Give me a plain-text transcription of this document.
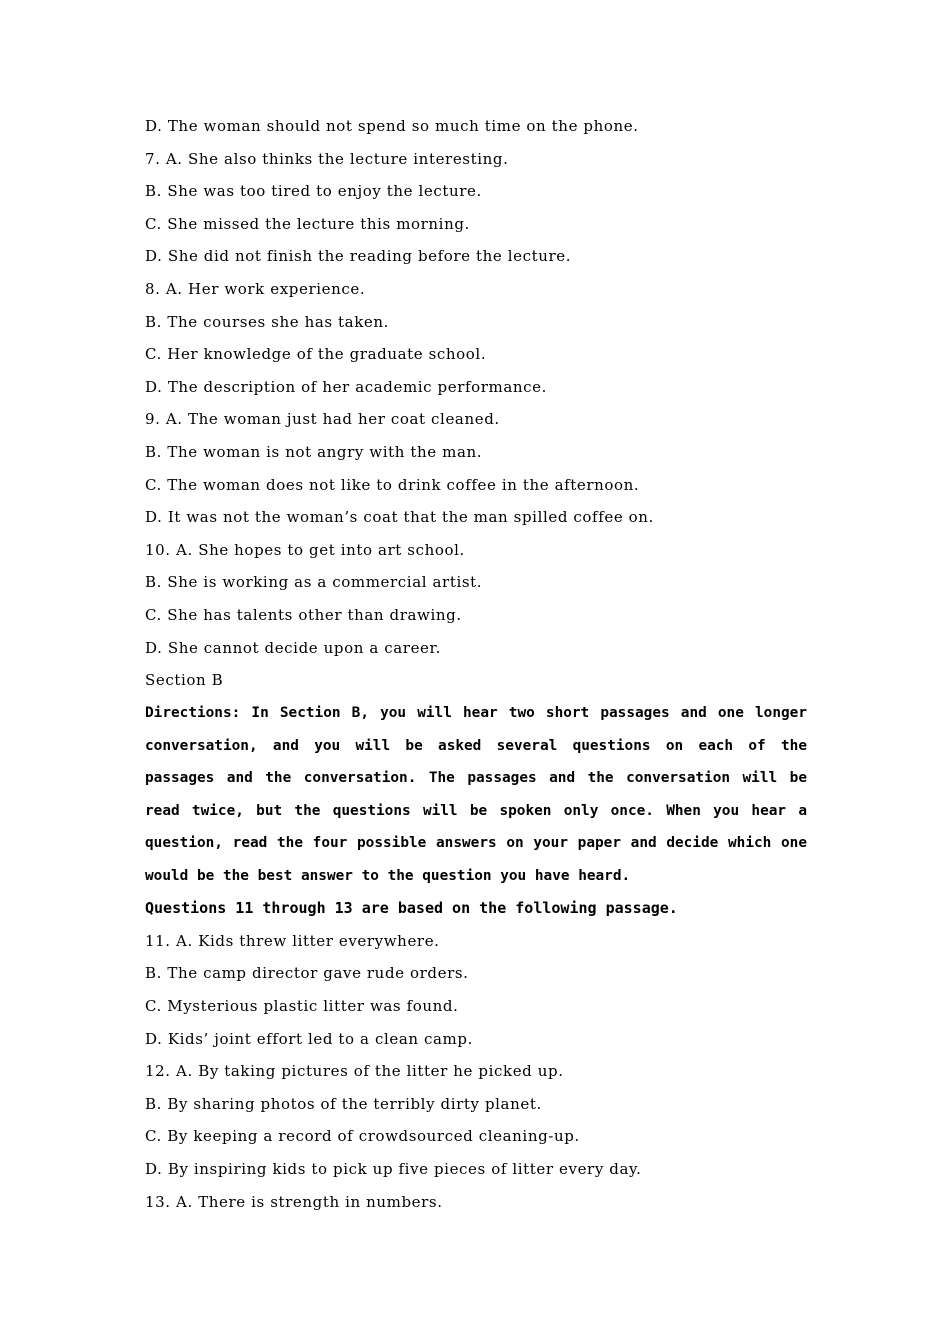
D. The woman should not spend so much time on the phone.

7. A. She also thinks the lecture interesting.

B. She was too tired to enjoy the lecture.

C. She missed the lecture this morning.

D. She did not finish the reading before the lecture.

8. A. Her work experience.

B. The courses she has taken.

C. Her knowledge of the graduate school.

D. The description of her academic performance.

9. A. The woman just had her coat cleaned.

B. The woman is not angry with the man.

C. The woman does not like to drink coffee in the afternoon.

D. It was not the woman’s coat that the man spilled coffee on.

10. A. She hopes to get into art school.

B. She is working as a commercial artist.

C. She has talents other than drawing.

D. She cannot decide upon a career.

Section B

Directions: In Section B, you will hear two short passages and one longer conversation, and you will be asked several questions on each of the passages and the conversation. The passages and the conversation will be read twice, but the questions will be spoken only once. When you hear a question, read the four possible answers on your paper and decide which one would be the best answer to the question you have heard.

Questions 11 through 13 are based on the following passage.

11. A. Kids threw litter everywhere.

B. The camp director gave rude orders.

C. Mysterious plastic litter was found.

D. Kids’ joint effort led to a clean camp.

12. A. By taking pictures of the litter he picked up.

B. By sharing photos of the terribly dirty planet.

C. By keeping a record of crowdsourced cleaning-up.

D. By inspiring kids to pick up five pieces of litter every day.

13. A. There is strength in numbers.
